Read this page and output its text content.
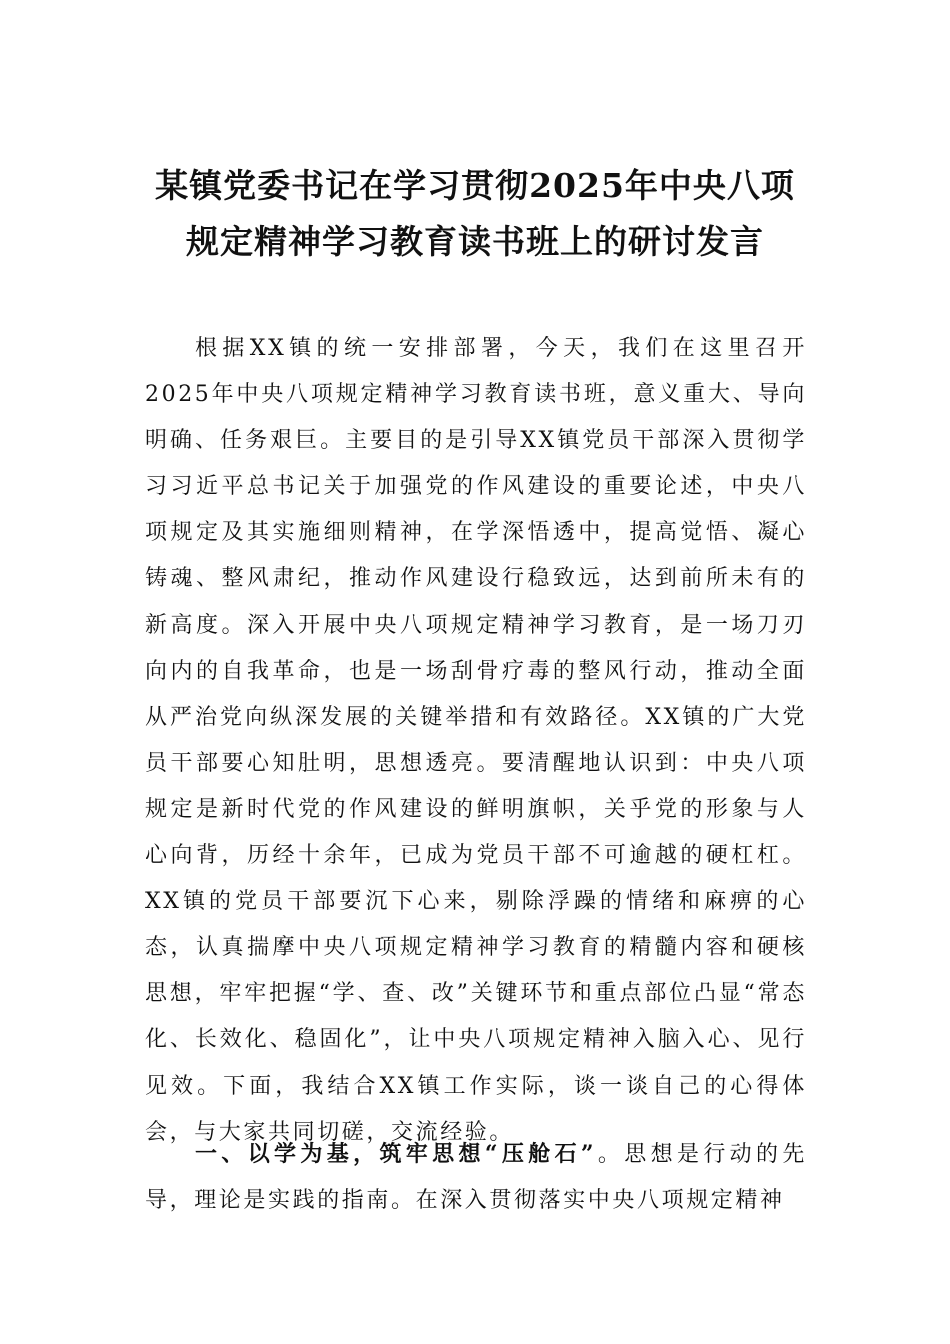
某镇党委书记在学习贯彻2025年中央八项
规定精神学习教育读书班上的研讨发言

根据XX镇的统一安排部署，今天，我们在这里召开2025年中央八项规定精神学习教育读书班，意义重大、导向明确、任务艰巨。主要目的是引导XX镇党员干部深入贯彻学习习近平总书记关于加强党的作风建设的重要论述，中央八项规定及其实施细则精神，在学深悟透中，提高觉悟、凝心铸魂、整风肃纪，推动作风建设行稳致远，达到前所未有的新高度。深入开展中央八项规定精神学习教育，是一场刀刃向内的自我革命，也是一场刮骨疗毒的整风行动，推动全面从严治党向纵深发展的关键举措和有效路径。XX镇的广大党员干部要心知肚明，思想透亮。要清醒地认识到：中央八项规定是新时代党的作风建设的鲜明旗帜，关乎党的形象与人心向背，历经十余年，已成为党员干部不可逾越的硬杠杠。XX镇的党员干部要沉下心来，剔除浮躁的情绪和麻痹的心态，认真揣摩中央八项规定精神学习教育的精髓内容和硬核思想，牢牢把握“学、查、改”关键环节和重点部位凸显“常态化、长效化、稳固化”，让中央八项规定精神入脑入心、见行见效。下面，我结合XX镇工作实际，谈一谈自己的心得体会，与大家共同切磋，交流经验。

一、以学为基，筑牢思想“压舱石”。思想是行动的先导，理论是实践的指南。在深入贯彻落实中央八项规定精神
